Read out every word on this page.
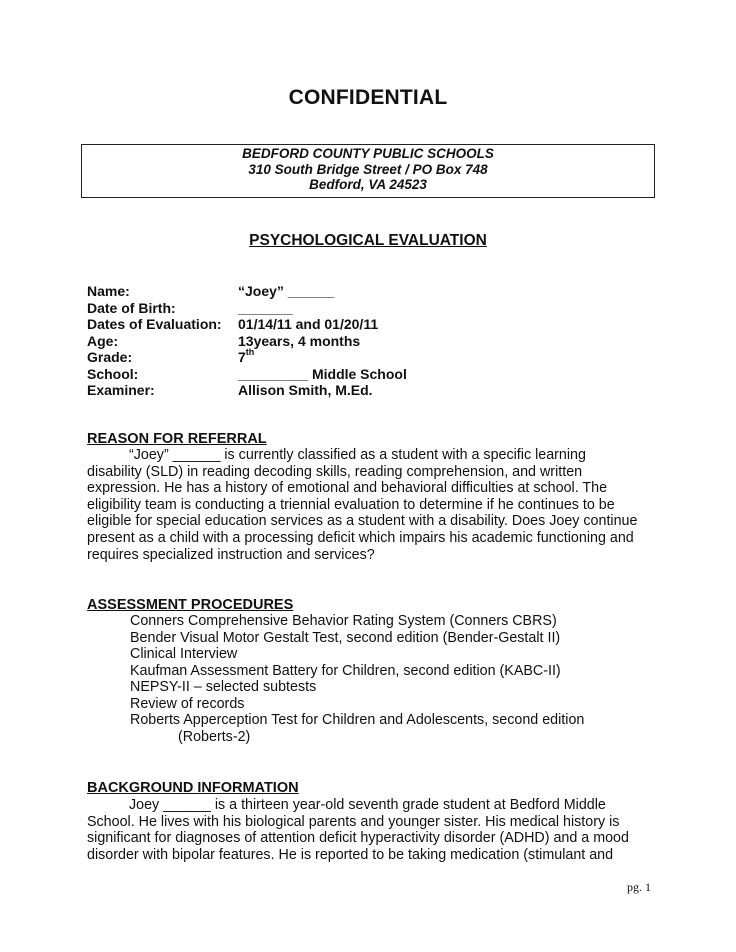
CONFIDENTIAL
BEDFORD COUNTY PUBLIC SCHOOLS
310 South Bridge Street / PO Box 748
Bedford, VA 24523
PSYCHOLOGICAL EVALUATION
Name:	“Joey” ______
Date of Birth:	_______
Dates of Evaluation: 01/14/11 and 01/20/11
Age:	13years, 4 months
Grade:	7th
School:	_________ Middle School
Examiner:	Allison Smith, M.Ed.
REASON FOR REFERRAL
“Joey” ______ is currently classified as a student with a specific learning
disability (SLD) in reading decoding skills, reading comprehension, and written
expression. He has a history of emotional and behavioral difficulties at school. The
eligibility team is conducting a triennial evaluation to determine if he continues to be
eligible for special education services as a student with a disability. Does Joey continue
present as a child with a processing deficit which impairs his academic functioning and
requires specialized instruction and services?
ASSESSMENT PROCEDURES
Conners Comprehensive Behavior Rating System (Conners CBRS)
Bender Visual Motor Gestalt Test, second edition (Bender-Gestalt II)
Clinical Interview
Kaufman Assessment Battery for Children, second edition (KABC-II)
NEPSY-II – selected subtests
Review of records
Roberts Apperception Test for Children and Adolescents, second edition
(Roberts-2)
BACKGROUND INFORMATION
Joey ______ is a thirteen year-old seventh grade student at Bedford Middle
School. He lives with his biological parents and younger sister. His medical history is
significant for diagnoses of attention deficit hyperactivity disorder (ADHD) and a mood
disorder with bipolar features. He is reported to be taking medication (stimulant and
pg. 1
